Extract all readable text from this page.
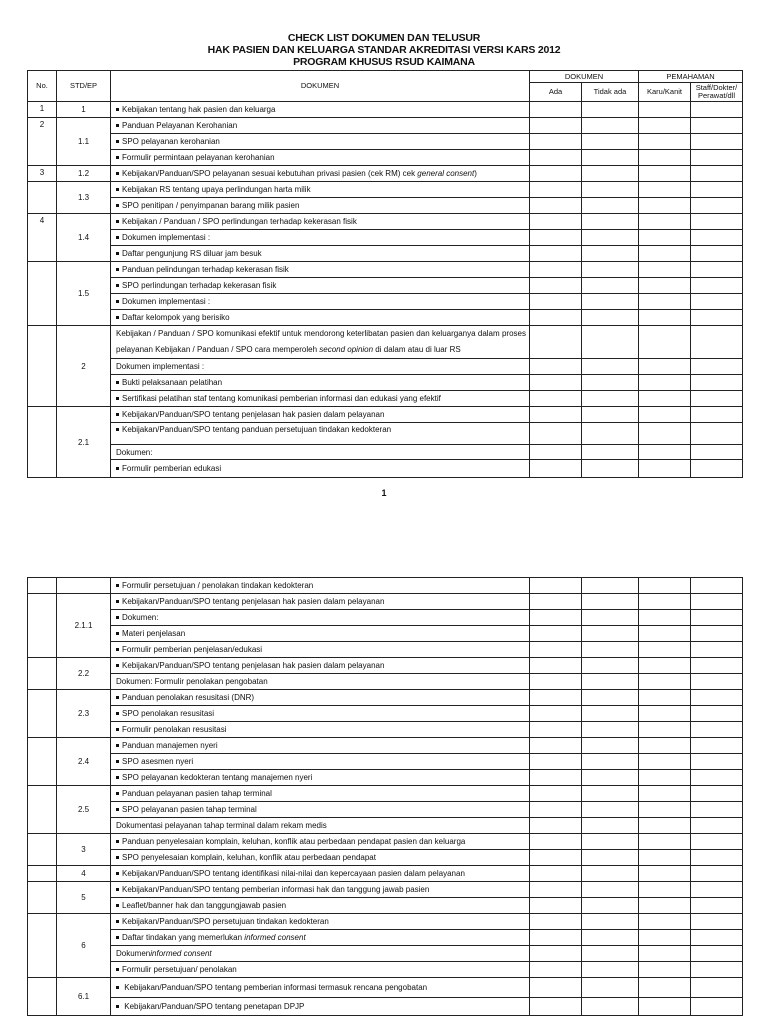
CHECK LIST DOKUMEN DAN TELUSUR
HAK PASIEN DAN KELUARGA STANDAR AKREDITASI VERSI KARS 2012
PROGRAM KHUSUS RSUD KAIMANA
No.	STD/EP	DOKUMEN	DOKUMEN		PEMAHAMAN	
			Ada	Tidak ada	Karu/Kanit	Staff/Dokter/ Perawat/dll
1	1	Kebijakan tentang hak pasien dan keluarga				
2	1.1	Panduan Pelayanan Kerohanian				
		SPO pelayanan kerohanian				
		Formulir permintaan pelayanan kerohanian				
3	1.2	Kebijakan/Panduan/SPO pelayanan sesuai kebutuhan privasi pasien (cek RM) cek general consent)				
	1.3	Kebijakan RS tentang upaya perlindungan harta milik				
		SPO penitipan / penyimpanan barang milik pasien				
4	1.4	Kebijakan / Panduan / SPO perlindungan terhadap kekerasan fisik				
		Dokumen implementasi :				
		Daftar pengunjung RS diluar jam besuk				
	1.5	Panduan pelindungan terhadap kekerasan fisik				
		SPO perlindungan terhadap kekerasan fisik				
		Dokumen implementasi :				
		Daftar kelompok yang berisiko				
	2	Kebijakan / Panduan / SPO komunikasi efektif untuk mendorong keterlibatan pasien dan keluarganya dalam proses pelayanan Kebijakan / Panduan / SPO cara memperoleh second opinion di dalam atau di luar RS				
		Dokumen implementasi :				
		Bukti pelaksanaan pelatihan				
		Sertifikasi pelatihan staf tentang komunikasi pemberian informasi dan edukasi yang efektif				
	2.1	Kebijakan/Panduan/SPO tentang penjelasan hak pasien dalam pelayanan				
		Kebijakan/Panduan/SPO tentang panduan persetujuan tindakan kedokteran				
		Dokumen:				
		Formulir pemberian edukasi				
1
		Formulir persetujuan / penolakan tindakan kedokteran				
	2.1.1	Kebijakan/Panduan/SPO tentang penjelasan hak pasien dalam pelayanan				
		Dokumen:				
		Materi penjelasan				
		Formulir pemberian penjelasan/edukasi				
	2.2	Kebijakan/Panduan/SPO tentang penjelasan hak pasien dalam pelayanan				
		Dokumen: Formulir penolakan pengobatan				
	2.3	Panduan penolakan resusitasi (DNR)				
		SPO penolakan resusitasi				
		Formulir penolakan resusitasi				
	2.4	Panduan manajemen nyeri				
		SPO asesmen nyeri				
		SPO pelayanan kedokteran tentang manajemen nyeri				
	2.5	Panduan pelayanan pasien tahap terminal				
		SPO pelayanan pasien tahap terminal				
		Dokumentasi pelayanan tahap terminal dalam rekam medis				
	3	Panduan penyelesaian komplain, keluhan, konflik atau perbedaan pendapat pasien dan keluarga				
		SPO penyelesaian komplain, keluhan, konflik atau perbedaan pendapat				
	4	Kebijakan/Panduan/SPO tentang identifikasi nilai-nilai dan kepercayaan pasien dalam pelayanan				
	5	Kebijakan/Panduan/SPO tentang pemberian informasi hak dan tanggung jawab pasien				
		Leaflet/banner hak dan tanggungjawab pasien				
	6	Kebijakan/Panduan/SPO persetujuan tindakan kedokteran				
		Daftar tindakan yang memerlukan informed consent				
		Dokumeninformed consent				
		Formulir persetujuan/ penolakan				
	6.1	Kebijakan/Panduan/SPO tentang pemberian informasi termasuk rencana pengobatan				
		Kebijakan/Panduan/SPO tentang penetapan DPJP				
